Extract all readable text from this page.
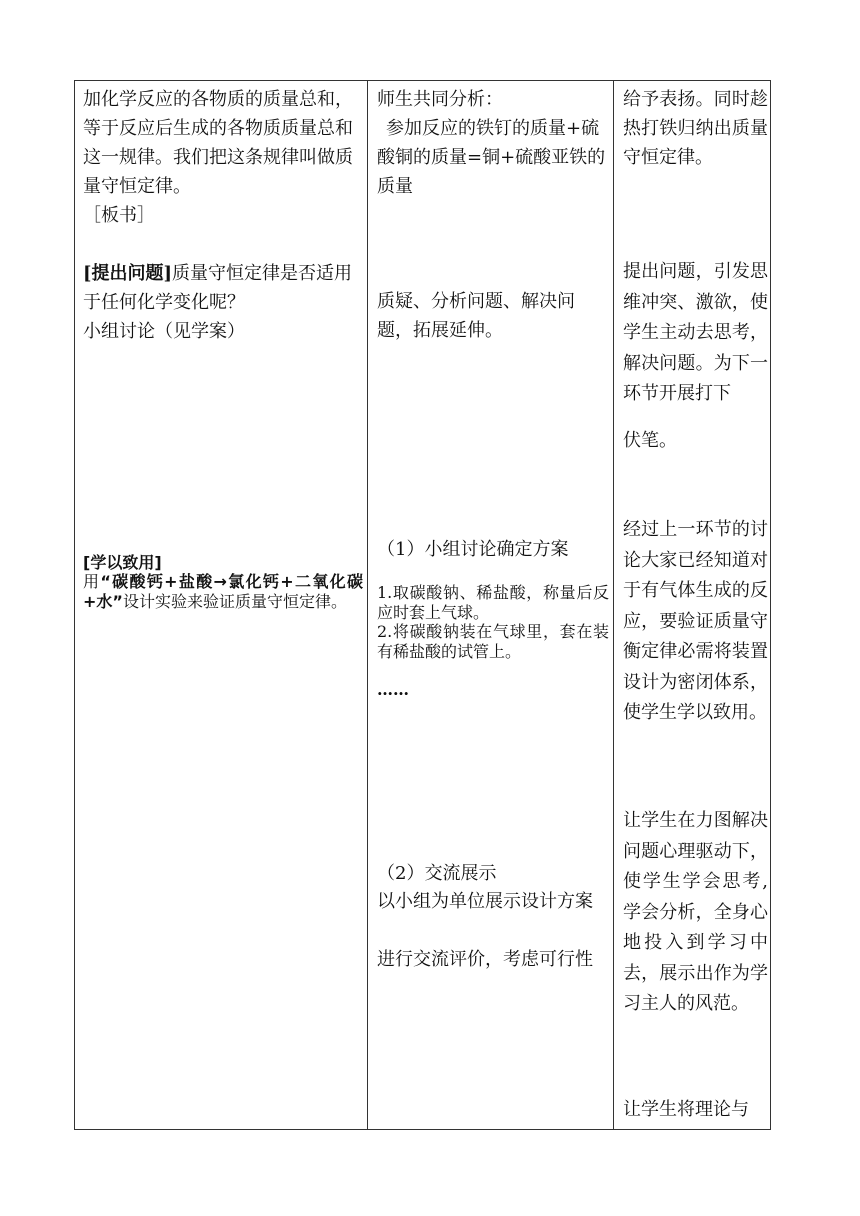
加化学反应的各物质的质量总和，等于反应后生成的各物质质量总和这一规律。我们把这条规律叫做质量守恒定律。
［板书］
[提出问题]质量守恒定律是否适用于任何化学变化呢？
小组讨论（见学案）
[学以致用]
用“碳酸钙+盐酸→氯化钙+二氧化碳+水”设计实验来验证质量守恒定律。
师生共同分析：
参加反应的铁钉的质量+硫酸铜的质量=铜+硫酸亚铁的质量
质疑、分析问题、解决问题，拓展延伸。
（1）小组讨论确定方案
1.取碳酸钠、稀盐酸，称量后反应时套上气球。
2.将碳酸钠装在气球里，套在装有稀盐酸的试管上。
……
（2）交流展示
以小组为单位展示设计方案
进行交流评价，考虑可行性
给予表扬。同时趁热打铁归纳出质量守恒定律。
提出问题，引发思维冲突、激欲，使学生主动去思考，解决问题。为下一环节开展打下
伏笔。
经过上一环节的讨论大家已经知道对于有气体生成的反应，要验证质量守衡定律必需将装置设计为密闭体系，使学生学以致用。
让学生在力图解决问题心理驱动下，使学生学会思考,学会分析，全身心地投入到学习中去，展示出作为学习主人的风范。
让学生将理论与
